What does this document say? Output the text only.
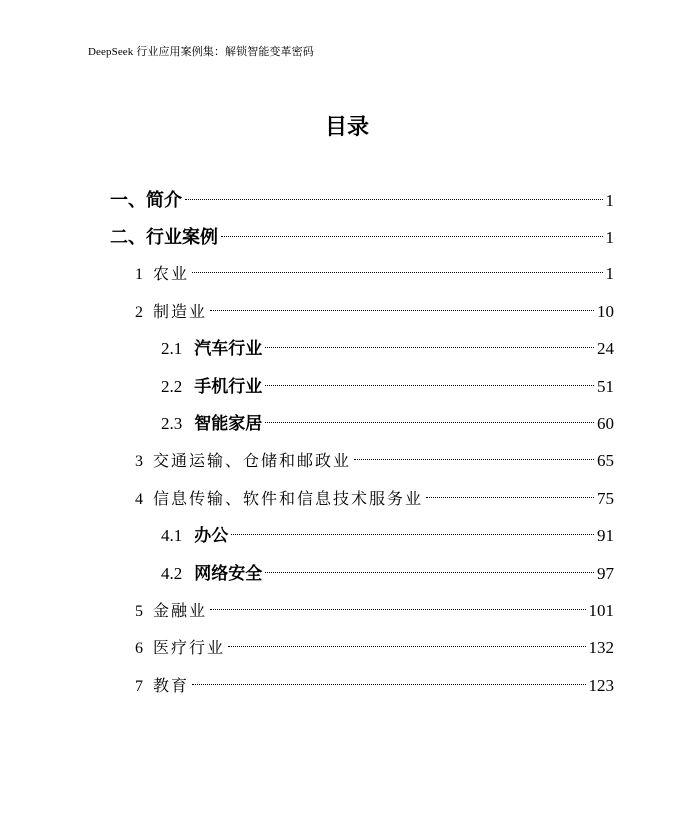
DeepSeek 行业应用案例集：解锁智能变革密码
目录
一、简介	1
二、行业案例	1
1 农业	1
2 制造业	10
2.1 汽车行业	24
2.2 手机行业	51
2.3 智能家居	60
3 交通运输、仓储和邮政业	65
4 信息传输、软件和信息技术服务业	75
4.1 办公	91
4.2 网络安全	97
5 金融业	101
6 医疗行业	132
7 教育	123
